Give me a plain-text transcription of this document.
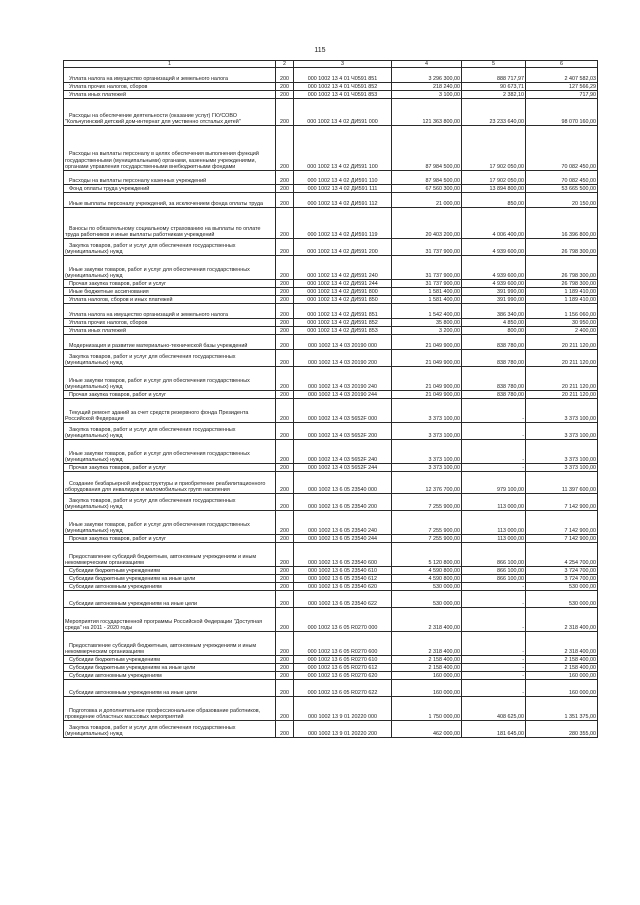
115
1	2	3	4	5	6
Уплата налога на имущество организаций и земельного налога	200	000 1002 13 4 01 Ч0591 851	3 296 300,00	888 717,97	2 407 582,03
Уплата прочих налогов, сборов	200	000 1002 13 4 01 Ч0591 852	218 240,00	90 673,71	127 566,29
Уплата иных платежей	200	000 1002 13 4 01 Ч0591 853	3 100,00	2 382,10	717,90
Расходы на обеспечение деятельности (оказание услуг) ГКУСОВО "Кольчугинский детский дом-интернат для умственно отсталых детей"	200	000 1002 13 4 02 ДИ591 000	121 363 800,00	23 233 640,00	98 070 160,00
Расходы на выплаты персоналу в целях обеспечения выполнения функций государственными (муниципальными) органами, казенными учреждениями, органами управления государственными внебюджетными фондами	200	000 1002 13 4 02 ДИ591 100	87 984 500,00	17 902 050,00	70 082 450,00
Расходы на выплаты персоналу казенных учреждений	200	000 1002 13 4 02 ДИ591 110	87 984 500,00	17 902 050,00	70 082 450,00
Фонд оплаты труда учреждений	200	000 1002 13 4 02 ДИ591 111	67 560 300,00	13 894 800,00	53 665 500,00
Иные выплаты персоналу учреждений, за исключением фонда оплаты труда	200	000 1002 13 4 02 ДИ591 112	21 000,00	850,00	20 150,00
Взносы по обязательному социальному страхованию на выплаты по оплате труда работников и иные выплаты работникам учреждений	200	000 1002 13 4 02 ДИ591 119	20 403 200,00	4 006 400,00	16 396 800,00
Закупка товаров, работ и услуг для обеспечения государственных (муниципальных) нужд	200	000 1002 13 4 02 ДИ591 200	31 737 900,00	4 939 600,00	26 798 300,00
Иные закупки товаров, работ и услуг для обеспечения государственных (муниципальных) нужд	200	000 1002 13 4 02 ДИ591 240	31 737 900,00	4 939 600,00	26 798 300,00
Прочая закупка товаров, работ и услуг	200	000 1002 13 4 02 ДИ591 244	31 737 900,00	4 939 600,00	26 798 300,00
Иные бюджетные ассигнования	200	000 1002 13 4 02 ДИ591 800	1 581 400,00	391 990,00	1 189 410,00
Уплата налогов, сборов и иных платежей	200	000 1002 13 4 02 ДИ591 850	1 581 400,00	391 990,00	1 189 410,00
Уплата налога на имущество организаций и земельного налога	200	000 1002 13 4 02 ДИ591 851	1 542 400,00	386 340,00	1 156 060,00
Уплата прочих налогов, сборов	200	000 1002 13 4 02 ДИ591 852	35 800,00	4 850,00	30 950,00
Уплата иных платежей	200	000 1002 13 4 02 ДИ591 853	3 200,00	800,00	2 400,00
Модернизация и развитие материально-технической базы учреждений	200	000 1002 13 4 03 20190 000	21 049 900,00	838 780,00	20 211 120,00
Закупка товаров, работ и услуг для обеспечения государственных (муниципальных) нужд	200	000 1002 13 4 03 20190 200	21 049 900,00	838 780,00	20 211 120,00
Иные закупки товаров, работ и услуг для обеспечения государственных (муниципальных) нужд	200	000 1002 13 4 03 20190 240	21 049 900,00	838 780,00	20 211 120,00
Прочая закупка товаров, работ и услуг	200	000 1002 13 4 03 20190 244	21 049 900,00	838 780,00	20 211 120,00
Текущий ремонт зданий за счет средств резервного фонда Президента Российской Федерации	200	000 1002 13 4 03 5652F 000	3 373 100,00	-	3 373 100,00
Закупка товаров, работ и услуг для обеспечения государственных (муниципальных) нужд	200	000 1002 13 4 03 5652F 200	3 373 100,00	-	3 373 100,00
Иные закупки товаров, работ и услуг для обеспечения государственных (муниципальных) нужд	200	000 1002 13 4 03 5652F 240	3 373 100,00	-	3 373 100,00
Прочая закупка товаров, работ и услуг	200	000 1002 13 4 03 5652F 244	3 373 100,00	-	3 373 100,00
Создание безбарьерной инфраструктуры и приобретение реабилитационного оборудования для инвалидов и маломобильных групп населения	200	000 1002 13 6 05 23540 000	12 376 700,00	979 100,00	11 397 600,00
Закупка товаров, работ и услуг для обеспечения государственных (муниципальных) нужд	200	000 1002 13 6 05 23540 200	7 255 900,00	113 000,00	7 142 900,00
Иные закупки товаров, работ и услуг для обеспечения государственных (муниципальных) нужд	200	000 1002 13 6 05 23540 240	7 255 900,00	113 000,00	7 142 900,00
Прочая закупка товаров, работ и услуг	200	000 1002 13 6 05 23540 244	7 255 900,00	113 000,00	7 142 900,00
Предоставление субсидий бюджетным, автономным учреждениям и иным некоммерческим организациям	200	000 1002 13 6 05 23540 600	5 120 800,00	866 100,00	4 254 700,00
Субсидии бюджетным учреждениям	200	000 1002 13 6 05 23540 610	4 590 800,00	866 100,00	3 724 700,00
Субсидии бюджетным учреждениям на иные цели	200	000 1002 13 6 05 23540 612	4 590 800,00	866 100,00	3 724 700,00
Субсидии автономным учреждениям	200	000 1002 13 6 05 23540 620	530 000,00	-	530 000,00
Субсидии автономным учреждениям на иные цели	200	000 1002 13 6 05 23540 622	530 000,00	-	530 000,00
Мероприятия государственной программы Российской Федерации "Доступная среда" на 2011 - 2020 годы	200	000 1002 13 6 05 R0270 000	2 318 400,00	-	2 318 400,00
Предоставление субсидий бюджетным, автономным учреждениям и иным некоммерческим организациям	200	000 1002 13 6 05 R0270 600	2 318 400,00	-	2 318 400,00
Субсидии бюджетным учреждениям	200	000 1002 13 6 05 R0270 610	2 158 400,00	-	2 158 400,00
Субсидии бюджетным учреждениям на иные цели	200	000 1002 13 6 05 R0270 612	2 158 400,00	-	2 158 400,00
Субсидии автономным учреждениям	200	000 1002 13 6 05 R0270 620	160 000,00	-	160 000,00
Субсидии автономным учреждениям на иные цели	200	000 1002 13 6 05 R0270 622	160 000,00	-	160 000,00
Подготовка и дополнительное профессиональное образование работников, проведение областных массовых мероприятий	200	000 1002 13 9 01 20220 000	1 750 000,00	408 625,00	1 351 375,00
Закупка товаров, работ и услуг для обеспечения государственных (муниципальных) нужд	200	000 1002 13 9 01 20220 200	462 000,00	181 645,00	280 355,00
